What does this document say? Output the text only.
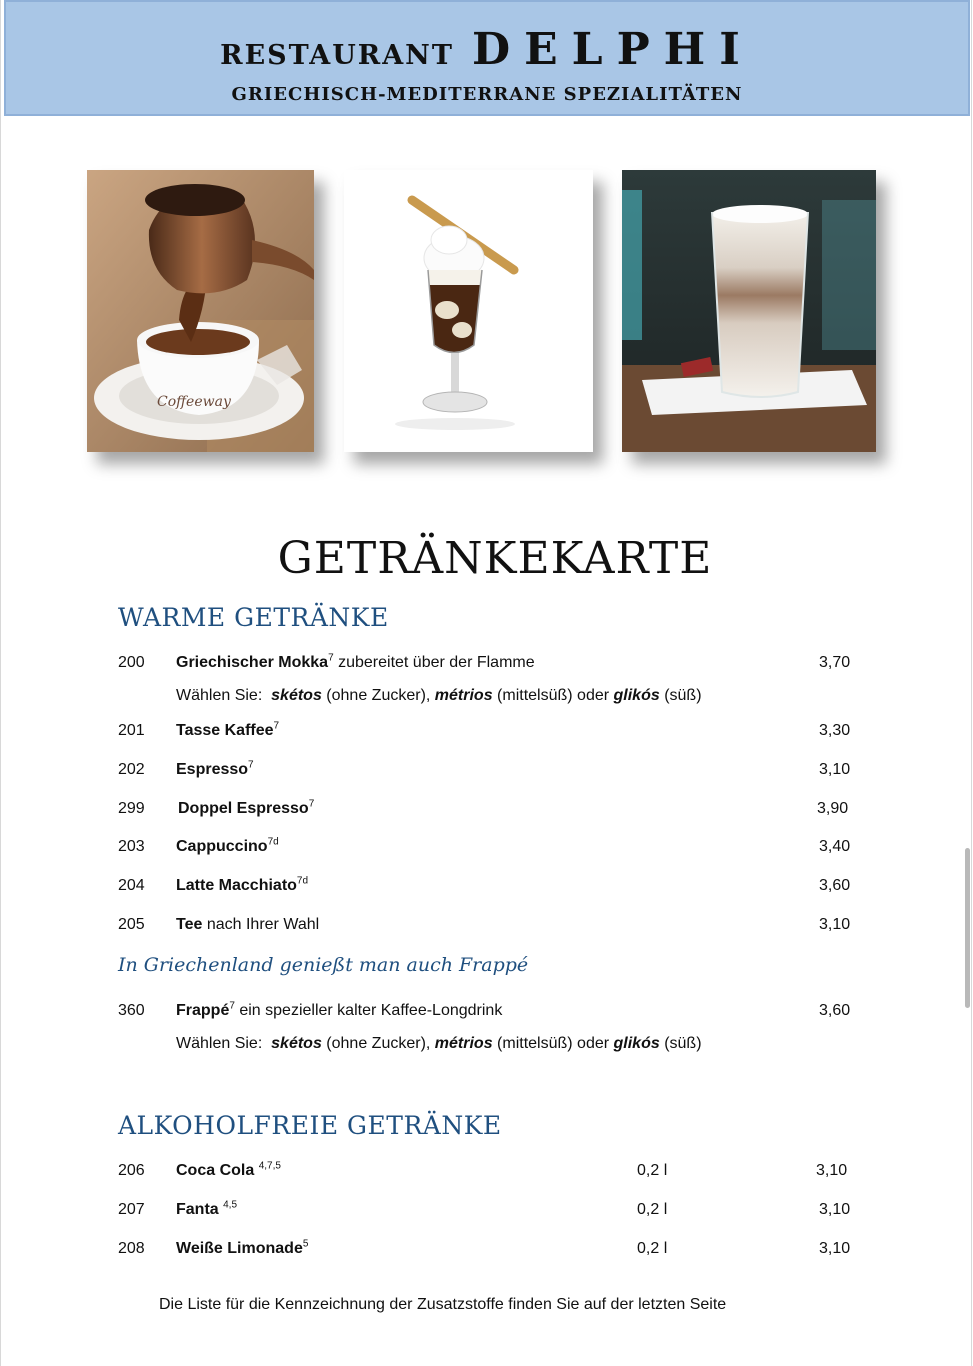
RESTAURANT DELPHI
GRIECHISCH-MEDITERRANE SPEZIALITÄTEN
Coffeeway
GETRÄNKEKARTE
WARME GETRÄNKE
200 Griechischer Mokka$^7$ zubereitet über der Flamme	3,70
Wählen Sie: skétos (ohne Zucker), métrios (mittelsüß) oder glikós (süß)
201 Tasse Kaffee$^7$	3,30
202 Espresso$^7$	3,10
299 Doppel Espresso$^7$	3,90
203 Cappuccino$^{7d}$	3,40
204 Latte Macchiato$^{7d}$	3,60
205 Tee nach Ihrer Wahl	3,10
In Griechenland genießt man auch Frappé
360 Frappé$^7$ ein spezieller kalter Kaffee-Longdrink	3,60
Wählen Sie: skétos (ohne Zucker), métrios (mittelsüß) oder glikós (süß)
ALKOHOLFREIE GETRÄNKE
206 Coca Cola $^{4,7,5}$	0,2 l	3,10
207 Fanta $^{4,5}$	0,2 l	3,10
208 Weiße Limonade$^5$	0,2 l	3,10
Die Liste für die Kennzeichnung der Zusatzstoffe finden Sie auf der letzten Seite
